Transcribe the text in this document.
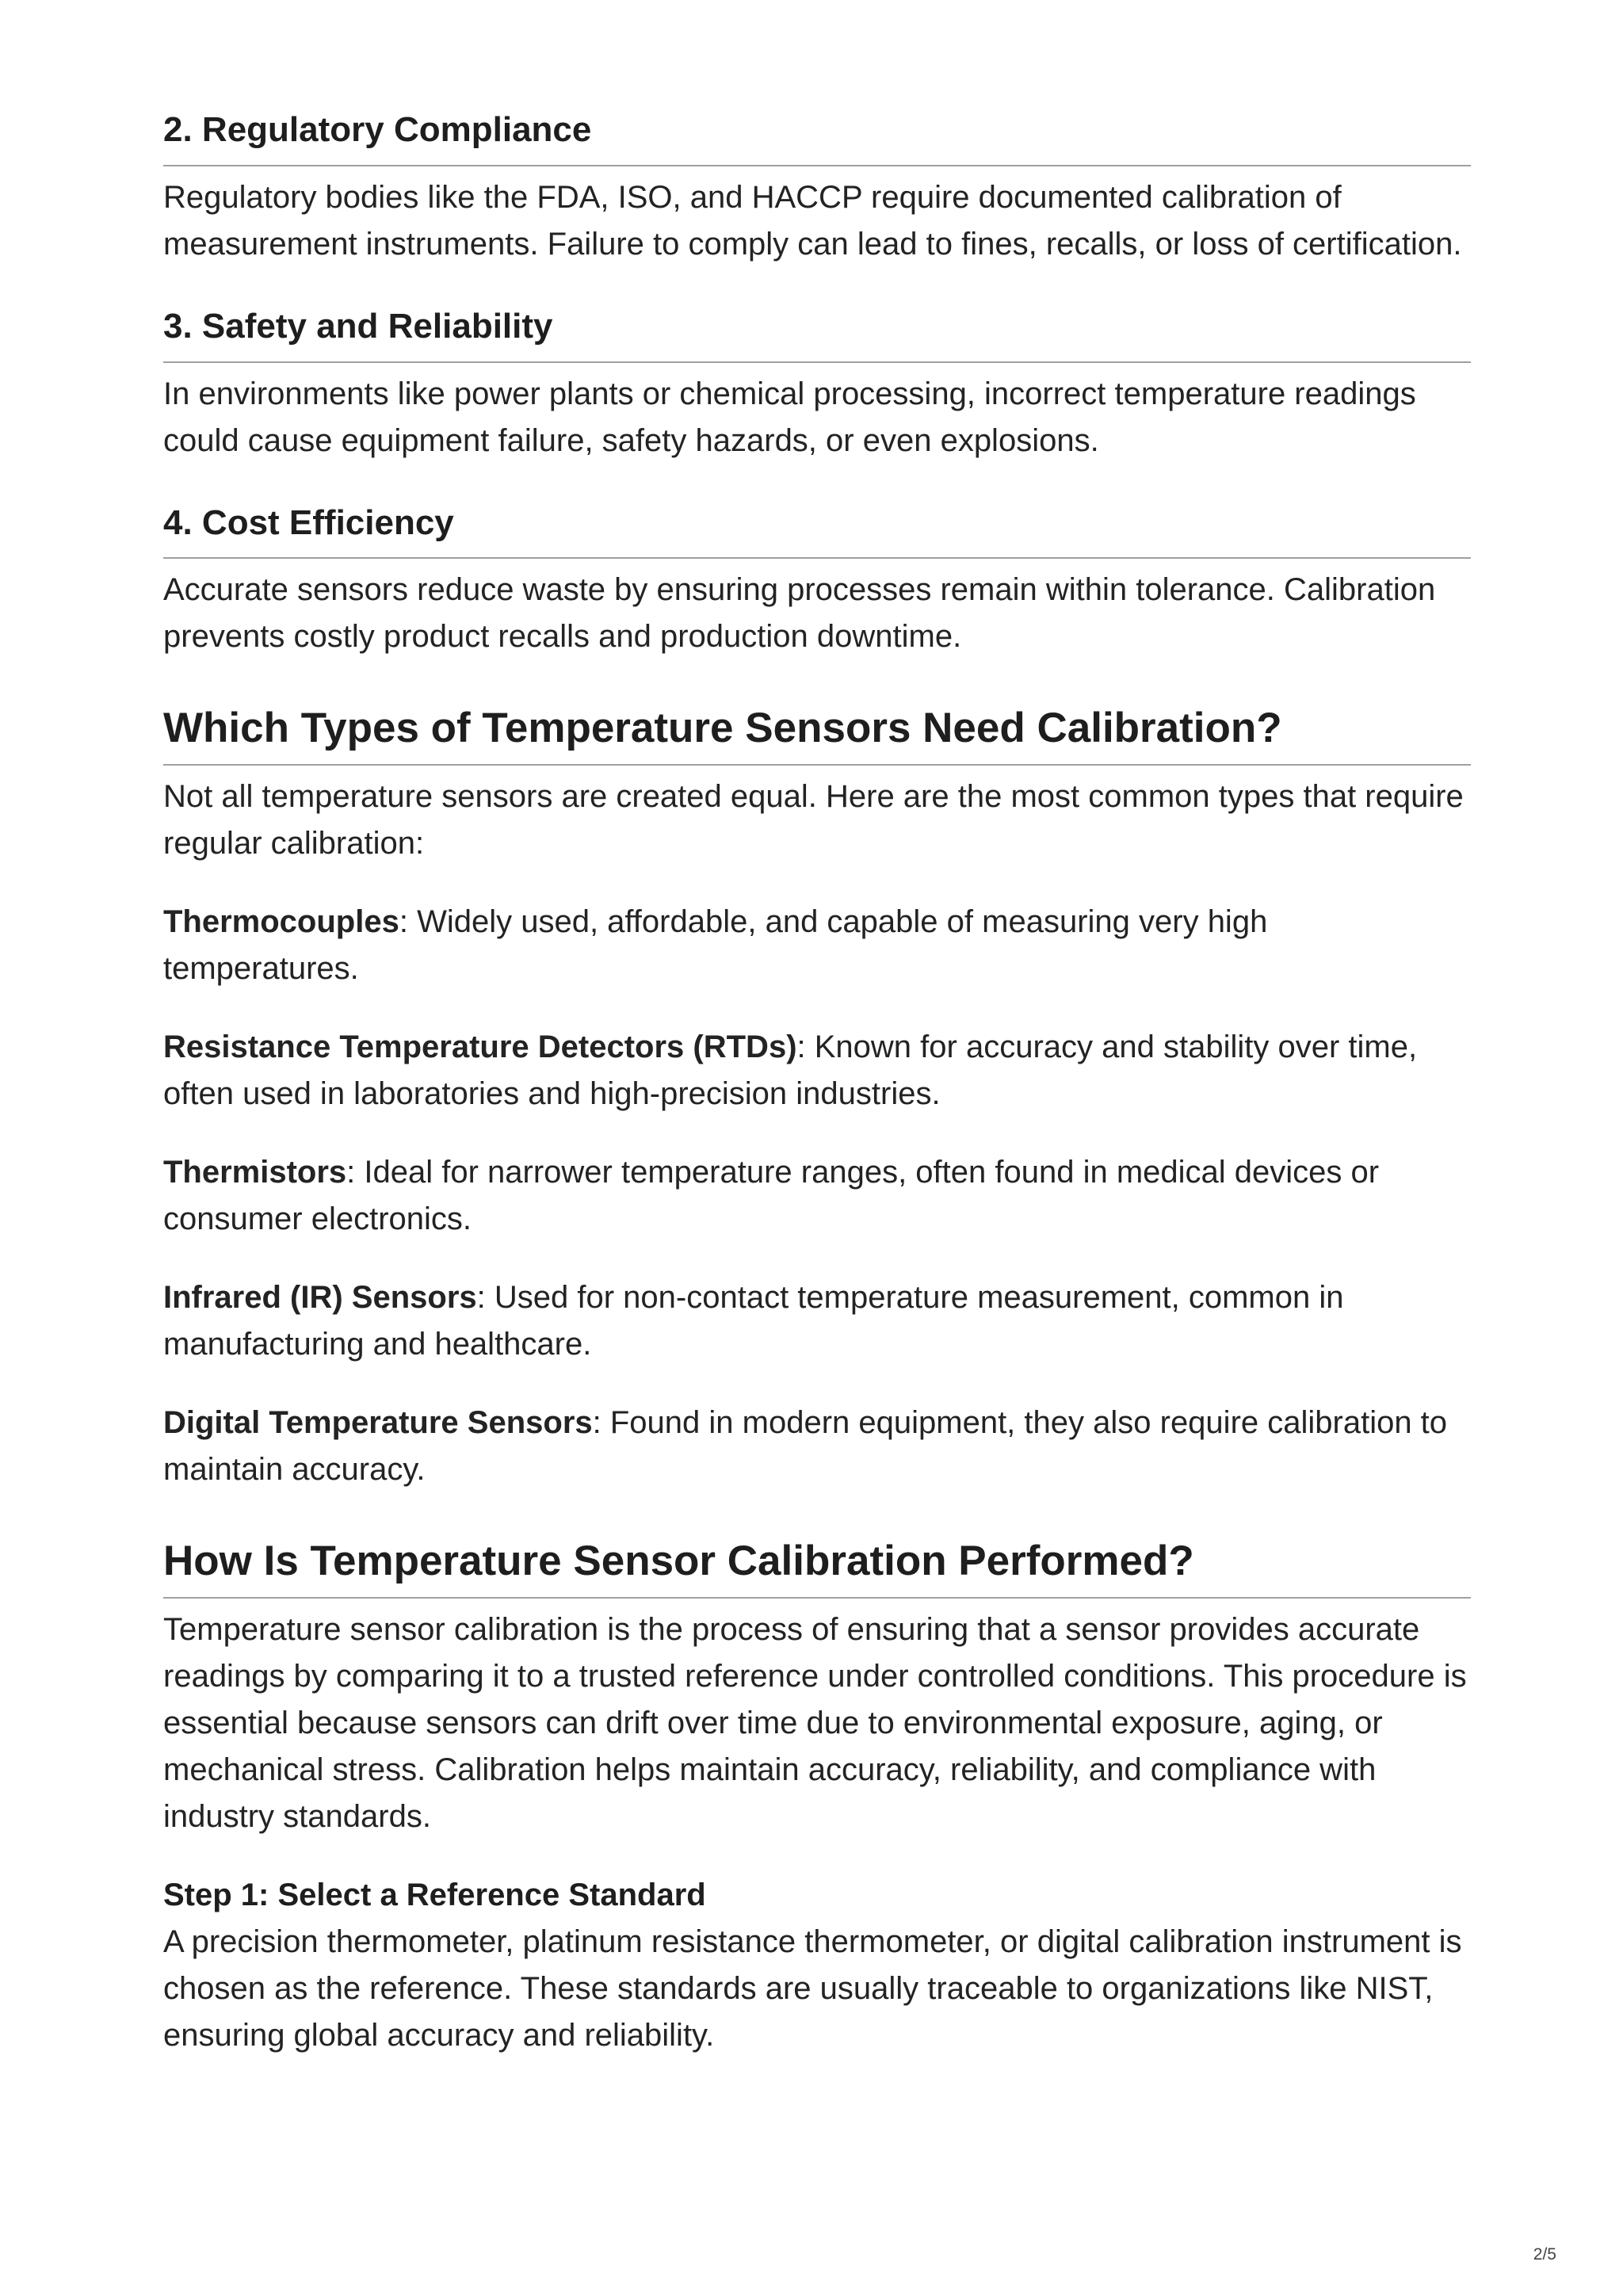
2. Regulatory Compliance

Regulatory bodies like the FDA, ISO, and HACCP require documented calibration of measurement instruments. Failure to comply can lead to fines, recalls, or loss of certification.

3. Safety and Reliability

In environments like power plants or chemical processing, incorrect temperature readings could cause equipment failure, safety hazards, or even explosions.

4. Cost Efficiency

Accurate sensors reduce waste by ensuring processes remain within tolerance. Calibration prevents costly product recalls and production downtime.

Which Types of Temperature Sensors Need Calibration?

Not all temperature sensors are created equal. Here are the most common types that require regular calibration:

Thermocouples: Widely used, affordable, and capable of measuring very high temperatures.

Resistance Temperature Detectors (RTDs): Known for accuracy and stability over time, often used in laboratories and high-precision industries.

Thermistors: Ideal for narrower temperature ranges, often found in medical devices or consumer electronics.

Infrared (IR) Sensors: Used for non-contact temperature measurement, common in manufacturing and healthcare.

Digital Temperature Sensors: Found in modern equipment, they also require calibration to maintain accuracy.

How Is Temperature Sensor Calibration Performed?

Temperature sensor calibration is the process of ensuring that a sensor provides accurate readings by comparing it to a trusted reference under controlled conditions. This procedure is essential because sensors can drift over time due to environmental exposure, aging, or mechanical stress. Calibration helps maintain accuracy, reliability, and compliance with industry standards.

Step 1: Select a Reference Standard

A precision thermometer, platinum resistance thermometer, or digital calibration instrument is chosen as the reference. These standards are usually traceable to organizations like NIST, ensuring global accuracy and reliability.

2/5
